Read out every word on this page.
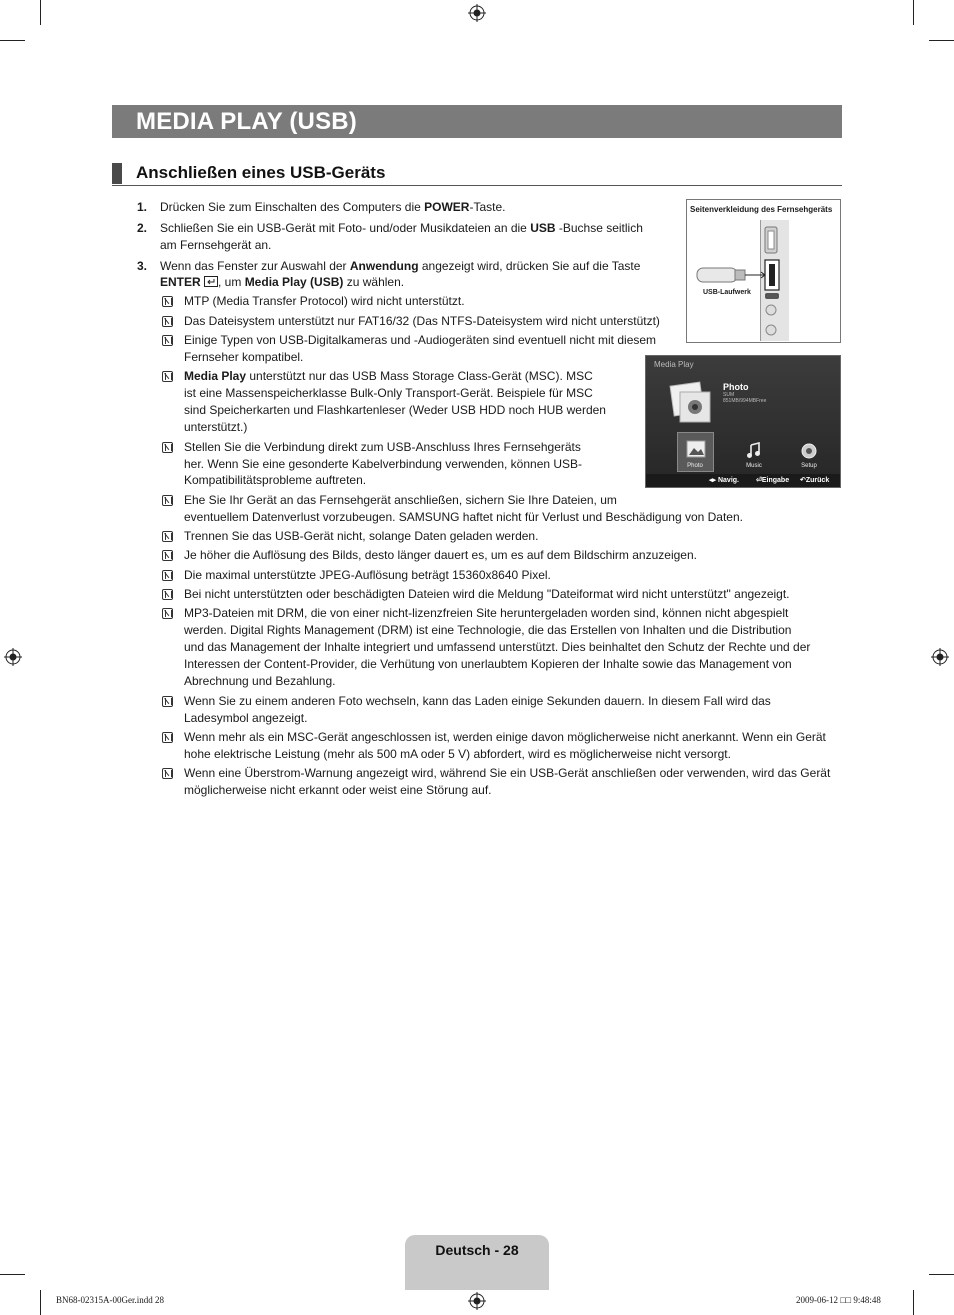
MEDIA PLAY (USB)
Anschließen eines USB-Geräts
1. Drücken Sie zum Einschalten des Computers die POWER-Taste.
2. Schließen Sie ein USB-Gerät mit Foto- und/oder Musikdateien an die USB -Buchse seitlich
am Fernsehgerät an.
3. Wenn das Fenster zur Auswahl der Anwendung angezeigt wird, drücken Sie auf die Taste
ENTER , um Media Play (USB) zu wählen.
MTP (Media Transfer Protocol) wird nicht unterstützt.
Das Dateisystem unterstützt nur FAT16/32 (Das NTFS-Dateisystem wird nicht unterstützt)
Einige Typen von USB-Digitalkameras und -Audiogeräten sind eventuell nicht mit diesem
Fernseher kompatibel.
Media Play unterstützt nur das USB Mass Storage Class-Gerät (MSC). MSC
ist eine Massenspeicherklasse Bulk-Only Transport-Gerät. Beispiele für MSC
sind Speicherkarten und Flashkartenleser (Weder USB HDD noch HUB werden
unterstützt.)
Stellen Sie die Verbindung direkt zum USB-Anschluss Ihres Fernsehgeräts
her. Wenn Sie eine gesonderte Kabelverbindung verwenden, können USB-
Kompatibilitätsprobleme auftreten.
Ehe Sie Ihr Gerät an das Fernsehgerät anschließen, sichern Sie Ihre Dateien, um
eventuellem Datenverlust vorzubeugen. SAMSUNG haftet nicht für Verlust und Beschädigung von Daten.
Trennen Sie das USB-Gerät nicht, solange Daten geladen werden.
Je höher die Auflösung des Bilds, desto länger dauert es, um es auf dem Bildschirm anzuzeigen.
Die maximal unterstützte JPEG-Auflösung beträgt 15360x8640 Pixel.
Bei nicht unterstützten oder beschädigten Dateien wird die Meldung "Dateiformat wird nicht unterstützt" angezeigt.
MP3-Dateien mit DRM, die von einer nicht-lizenzfreien Site heruntergeladen worden sind, können nicht abgespielt
werden. Digital Rights Management (DRM) ist eine Technologie, die das Erstellen von Inhalten und die Distribution
und das Management der Inhalte integriert und umfassend unterstützt. Dies beinhaltet den Schutz der Rechte und der
Interessen der Content-Provider, die Verhütung von unerlaubtem Kopieren der Inhalte sowie das Management von
Abrechnung und Bezahlung.
Wenn Sie zu einem anderen Foto wechseln, kann das Laden einige Sekunden dauern. In diesem Fall wird das
Ladesymbol angezeigt.
Wenn mehr als ein MSC-Gerät angeschlossen ist, werden einige davon möglicherweise nicht anerkannt. Wenn ein Gerät
hohe elektrische Leistung (mehr als 500 mA oder 5 V) abfordert, wird es möglicherweise nicht versorgt.
Wenn eine Überstrom-Warnung angezeigt wird, während Sie ein USB-Gerät anschließen oder verwenden, wird das Gerät
möglicherweise nicht erkannt oder weist eine Störung auf.
Seitenverkleidung des Fernsehgeräts
USB-Laufwerk
Media Play
Photo
SUM
851MB/994MBFree
Photo	Music	Setup
◂▸ Navig. ⏎Eingabe ↶Zurück
Deutsch - 28
BN68-02315A-00Ger.indd 28	2009-06-12 □□ 9:48:48
